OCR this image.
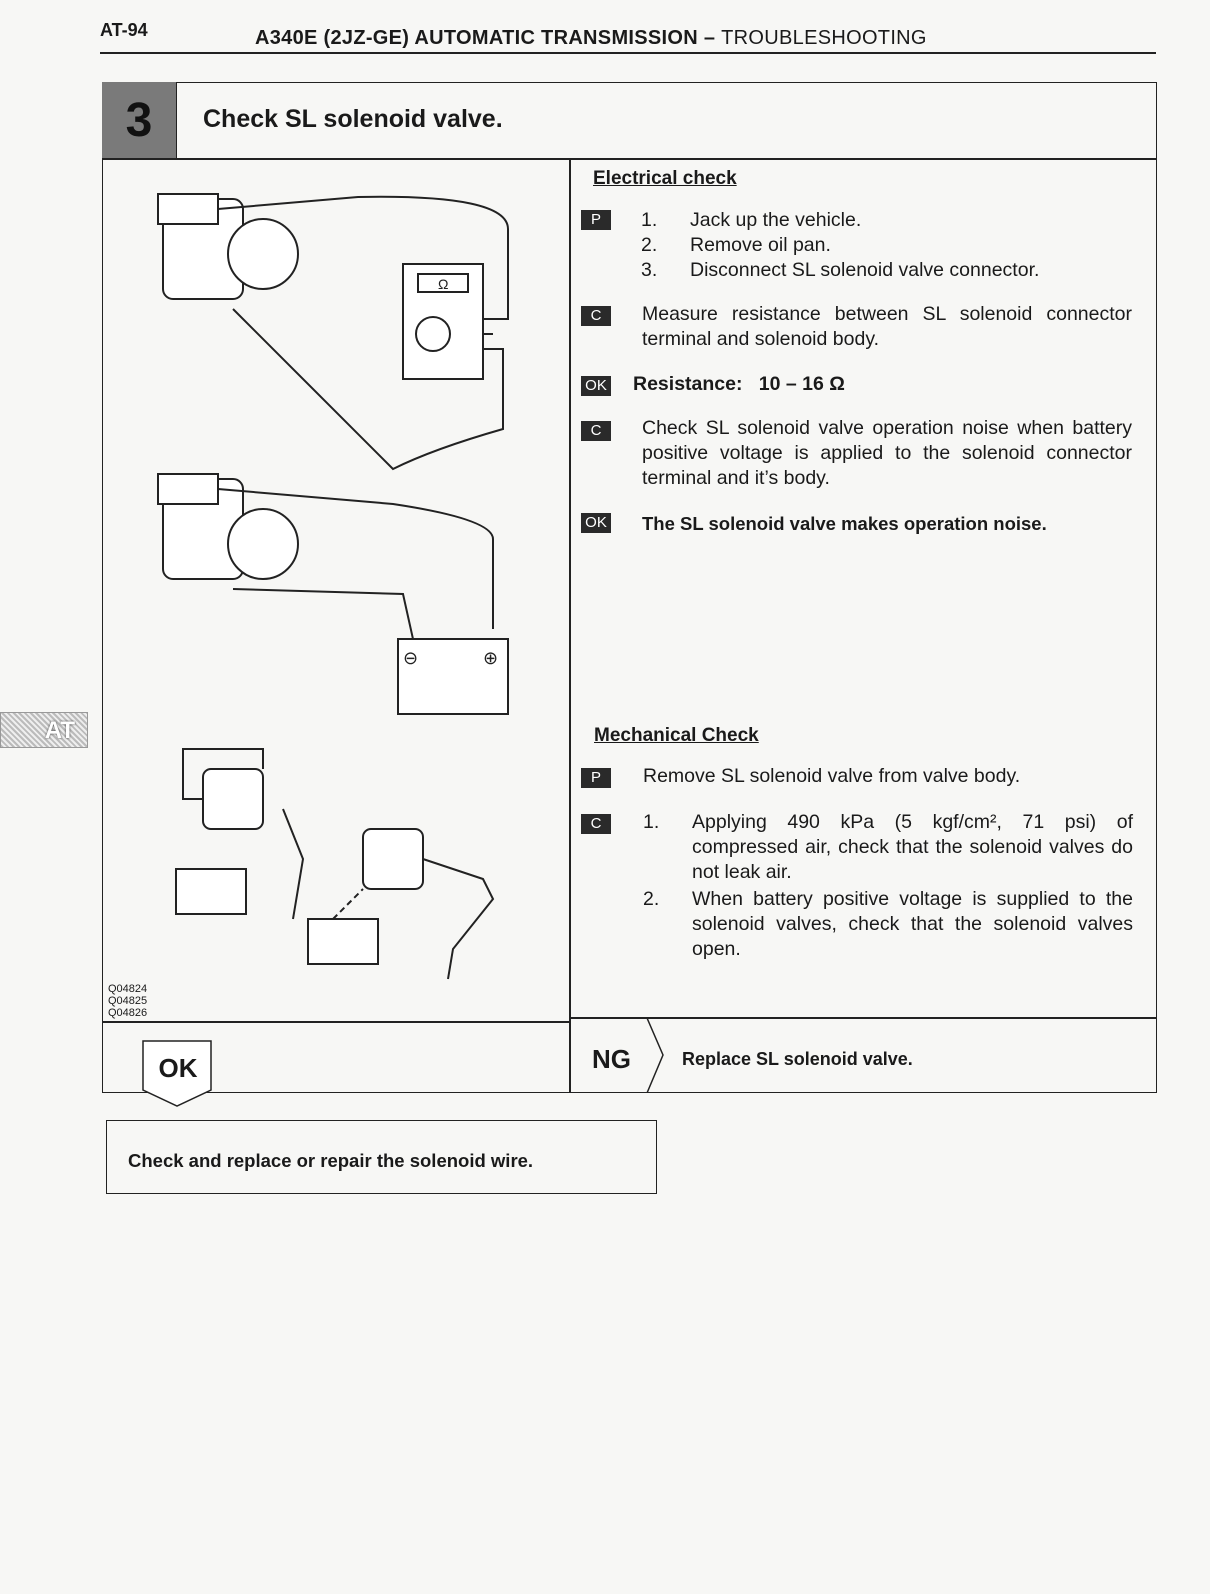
AT-94	A340E (2JZ-GE) AUTOMATIC TRANSMISSION – TROUBLESHOOTING
AT
3	Check SL solenoid valve.
Ω
⊖	⊕
Q04824
Q04825
Q04826
Electrical check
P	1. Jack up the vehicle.
2. Remove oil pan.
3. Disconnect SL solenoid valve connector.
C	Measure resistance between SL solenoid connector terminal and solenoid body.
OK Resistance: 10 – 16 Ω
C	Check SL solenoid valve operation noise when battery positive voltage is applied to the solenoid connector terminal and it’s body.
OK The SL solenoid valve makes operation noise.
Mechanical Check
P	Remove SL solenoid valve from valve body.
C	1.	Applying 490 kPa (5 kgf/cm², 71 psi) of compressed air, check that the solenoid valves do not leak air.
2.	When battery positive voltage is supplied to the solenoid valves, check that the solenoid valves open.
NG	Replace SL solenoid valve.
OK
Check and replace or repair the solenoid wire.
